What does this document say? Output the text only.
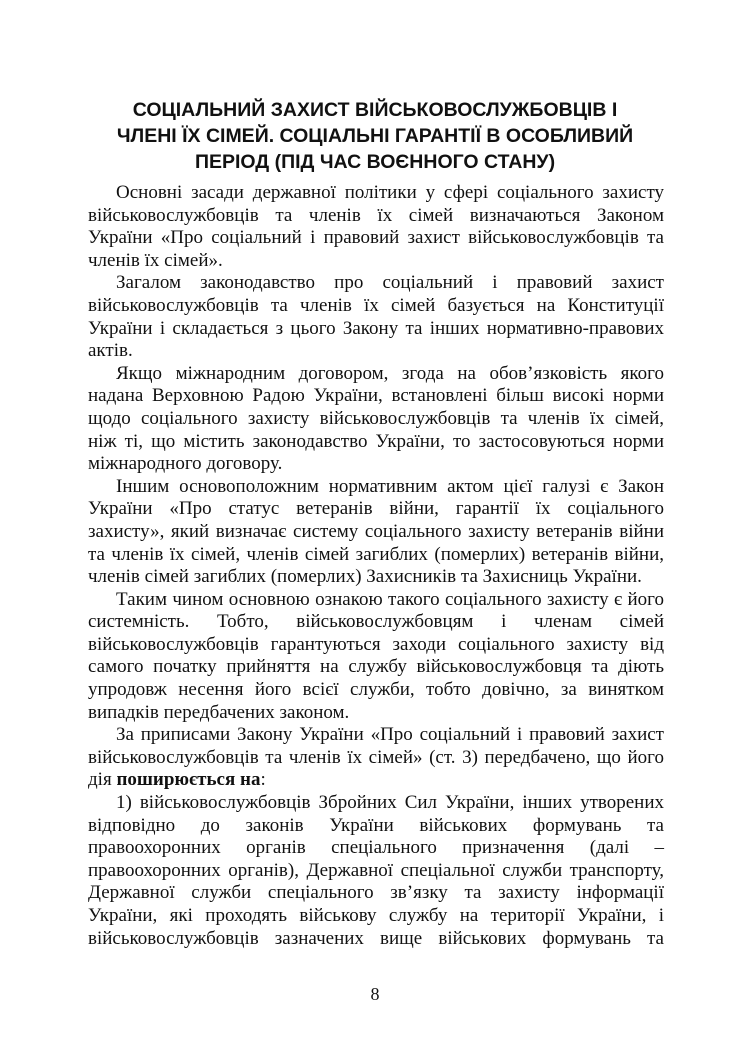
СОЦІАЛЬНИЙ ЗАХИСТ ВІЙСЬКОВОСЛУЖБОВЦІВ І
ЧЛЕНІ ЇХ СІМЕЙ. СОЦІАЛЬНІ ГАРАНТІЇ В ОСОБЛИВИЙ
ПЕРІОД (ПІД ЧАС ВОЄННОГО СТАНУ)

Основні засади державної політики у сфері соціального захисту
військовослужбовців та членів їх сімей визначаються Законом
України «Про соціальний і правовий захист військовослужбовців та
членів їх сімей».

Загалом законодавство про соціальний і правовий захист
військовослужбовців та членів їх сімей базується на Конституції
України і складається з цього Закону та інших нормативно-правових
актів.

Якщо міжнародним договором, згода на обов’язковість якого
надана Верховною Радою України, встановлені більш високі норми
щодо соціального захисту військовослужбовців та членів їх сімей,
ніж ті, що містить законодавство України, то застосовуються норми
міжнародного договору.

Іншим основоположним нормативним актом цієї галузі є Закон
України «Про статус ветеранів війни, гарантії їх соціального
захисту», який визначає систему соціального захисту ветеранів війни
та членів їх сімей, членів сімей загиблих (померлих) ветеранів війни,
членів сімей загиблих (померлих) Захисників та Захисниць України.

Таким чином основною ознакою такого соціального захисту є його
системність. Тобто, військовослужбовцям і членам сімей
військовослужбовців гарантуються заходи соціального захисту від
самого початку прийняття на службу військовослужбовця та діють
упродовж несення його всієї служби, тобто довічно, за винятком
випадків передбачених законом.

За приписами Закону України «Про соціальний і правовий захист
військовослужбовців та членів їх сімей» (ст. 3) передбачено, що його
дія поширюється на:

1) військовослужбовців Збройних Сил України, інших утворених
відповідно до законів України військових формувань та
правоохоронних органів спеціального призначення (далі –
правоохоронних органів), Державної спеціальної служби транспорту,
Державної служби спеціального зв’язку та захисту інформації
України, які проходять військову службу на території України, і
військовослужбовців зазначених вище військових формувань та

8
